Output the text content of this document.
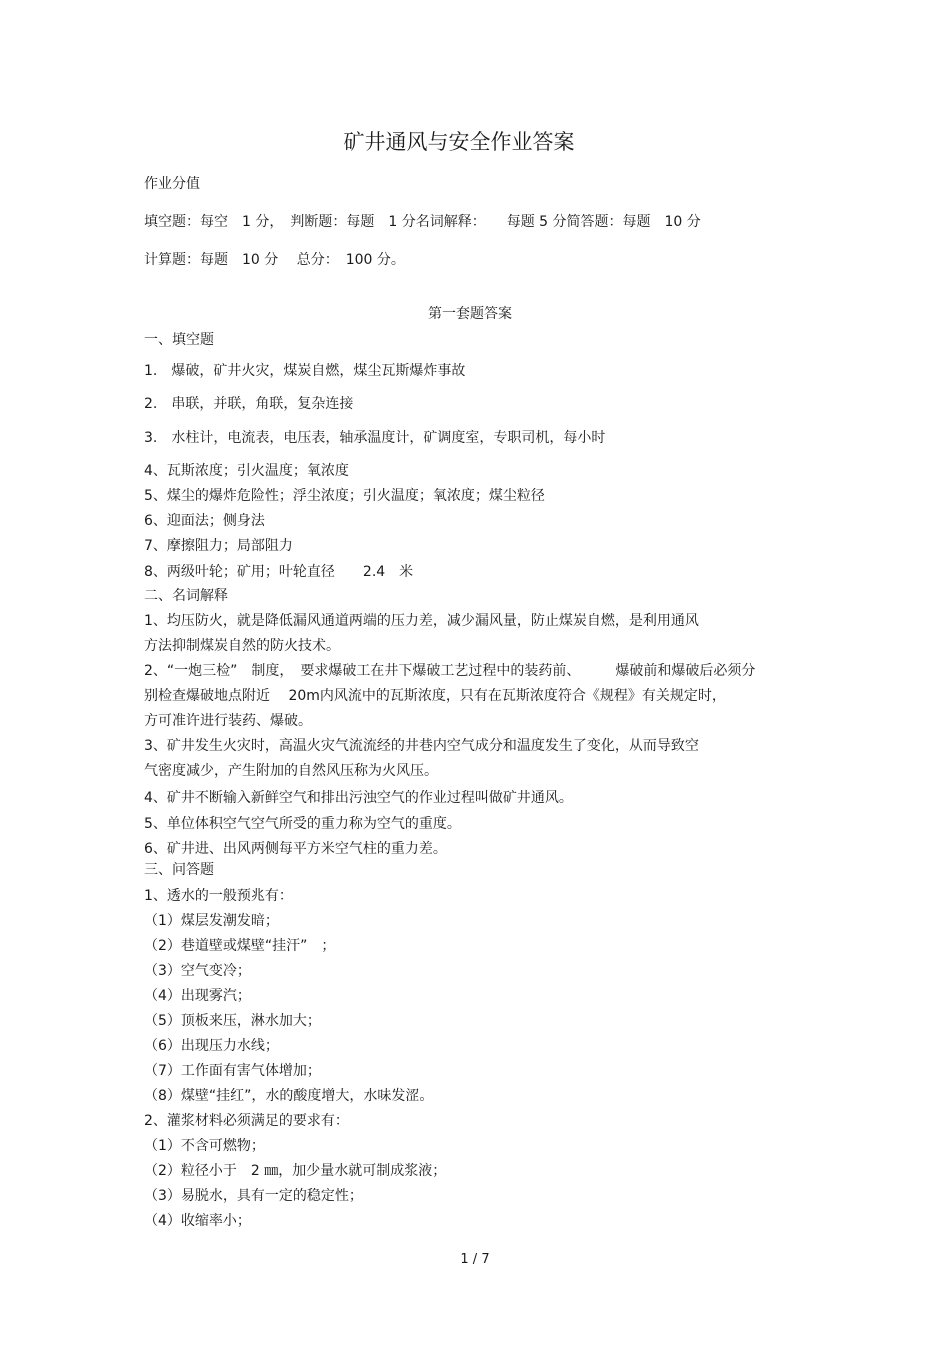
矿井通风与安全作业答案
作业分值
填空题：每空　1 分，　判断题：每题　1 分名词解释：　　每题 5 分简答题：每题　10 分
计算题：每题　10 分　 总分：　100 分。
第一套题答案
一、填空题
1.　爆破，矿井火灾，煤炭自燃，煤尘瓦斯爆炸事故
2.　串联，并联，角联，复杂连接
3.　水柱计，电流表，电压表，轴承温度计，矿调度室，专职司机，每小时
4、瓦斯浓度；引火温度；氧浓度
5、煤尘的爆炸危险性；浮尘浓度；引火温度；氧浓度；煤尘粒径
6、迎面法；侧身法
7、摩擦阻力；局部阻力
8、两级叶轮；矿用；叶轮直径　　2.4　米
二、名词解释
1、均压防火，就是降低漏风通道两端的压力差，减少漏风量，防止煤炭自燃，是利用通风
方法抑制煤炭自然的防火技术。
2、“一炮三检”　制度，　要求爆破工在井下爆破工艺过程中的装药前、　　　爆破前和爆破后必须分
别检查爆破地点附近　 20m内风流中的瓦斯浓度，只有在瓦斯浓度符合《规程》有关规定时，
方可准许进行装药、爆破。
3、矿井发生火灾时，高温火灾气流流经的井巷内空气成分和温度发生了变化，从而导致空
气密度减少，产生附加的自然风压称为火风压。
4、矿井不断输入新鲜空气和排出污浊空气的作业过程叫做矿井通风。
5、单位体积空气空气所受的重力称为空气的重度。
6、矿井进、出风两侧每平方米空气柱的重力差。
三、问答题
1、透水的一般预兆有：
（1）煤层发潮发暗；
（2）巷道壁或煤壁“挂汗”　；
（3）空气变冷；
（4）出现雾汽；
（5）顶板来压，淋水加大；
（6）出现压力水线；
（7）工作面有害气体增加；
（8）煤壁“挂红”，水的酸度增大，水味发涩。
2、灌浆材料必须满足的要求有：
（1）不含可燃物；
（2）粒径小于　2 ㎜，加少量水就可制成浆液；
（3）易脱水，具有一定的稳定性；
（4）收缩率小；
1 / 7
